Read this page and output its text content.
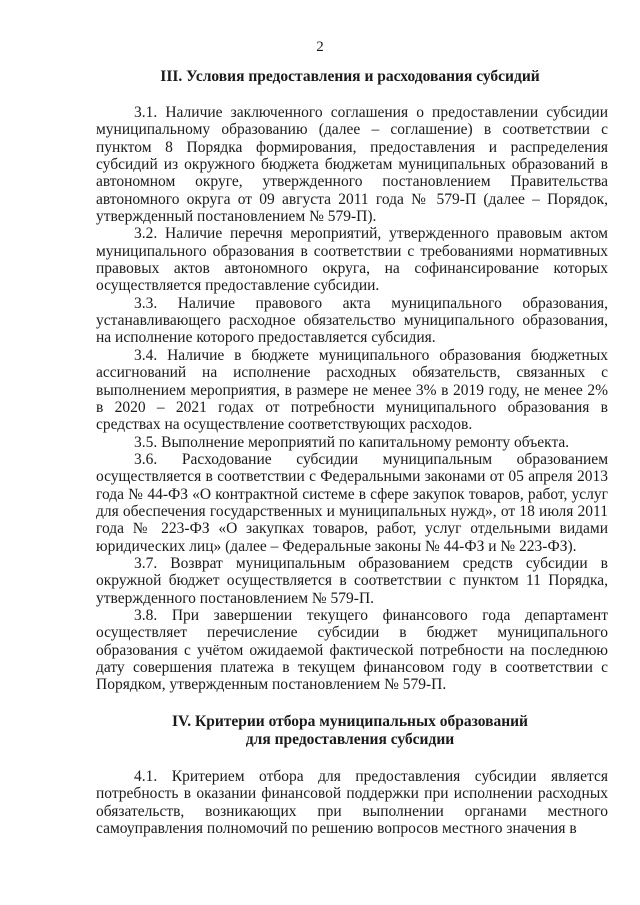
2
III. Условия предоставления и расходования субсидий

3.1. Наличие заключенного соглашения о предоставлении субсидии муниципальному образованию (далее – соглашение) в соответствии с пунктом 8 Порядка формирования, предоставления и распределения субсидий из окружного бюджета бюджетам муниципальных образований в автономном округе, утвержденного постановлением Правительства автономного округа от 09 августа 2011 года № 579-П (далее – Порядок, утвержденный постановлением № 579-П).

3.2. Наличие перечня мероприятий, утвержденного правовым актом муниципального образования в соответствии с требованиями нормативных правовых актов автономного округа, на софинансирование которых осуществляется предоставление субсидии.

3.3. Наличие правового акта муниципального образования, устанавливающего расходное обязательство муниципального образования, на исполнение которого предоставляется субсидия.

3.4. Наличие в бюджете муниципального образования бюджетных ассигнований на исполнение расходных обязательств, связанных с выполнением мероприятия, в размере не менее 3% в 2019 году, не менее 2% в 2020 – 2021 годах от потребности муниципального образования в средствах на осуществление соответствующих расходов.

3.5. Выполнение мероприятий по капитальному ремонту объекта.

3.6. Расходование субсидии муниципальным образованием осуществляется в соответствии с Федеральными законами от 05 апреля 2013 года № 44-ФЗ «О контрактной системе в сфере закупок товаров, работ, услуг для обеспечения государственных и муниципальных нужд», от 18 июля 2011 года № 223-ФЗ «О закупках товаров, работ, услуг отдельными видами юридических лиц» (далее – Федеральные законы № 44-ФЗ и № 223-ФЗ).

3.7. Возврат муниципальным образованием средств субсидии в окружной бюджет осуществляется в соответствии с пунктом 11 Порядка, утвержденного постановлением № 579-П.

3.8. При завершении текущего финансового года департамент осуществляет перечисление субсидии в бюджет муниципального образования с учётом ожидаемой фактической потребности на последнюю дату совершения платежа в текущем финансовом году в соответствии с Порядком, утвержденным постановлением № 579-П.

IV. Критерии отбора муниципальных образований
для предоставления субсидии

4.1. Критерием отбора для предоставления субсидии является потребность в оказании финансовой поддержки при исполнении расходных обязательств, возникающих при выполнении органами местного самоуправления полномочий по решению вопросов местного значения в
